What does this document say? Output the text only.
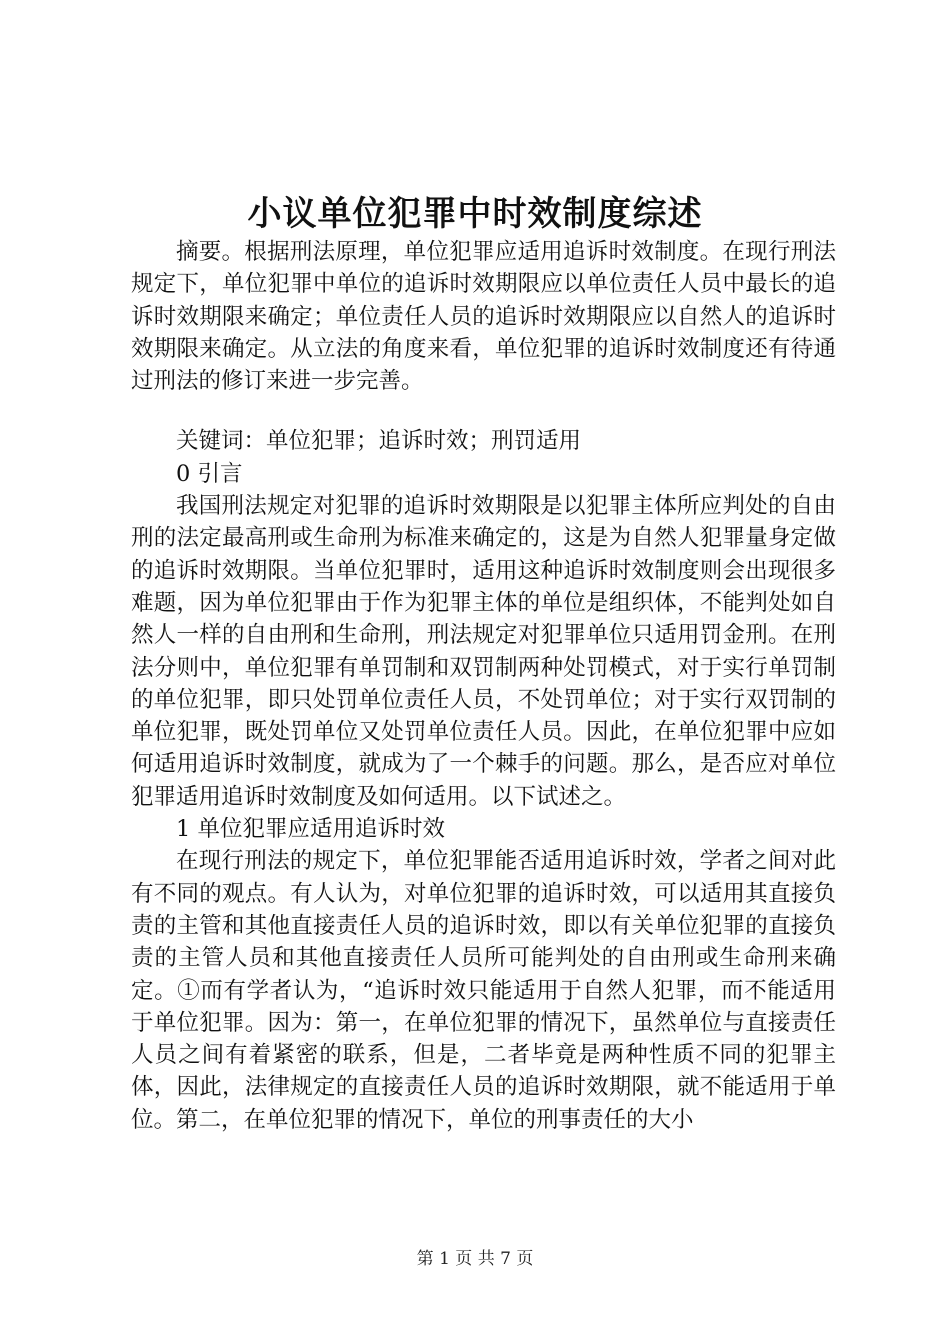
小议单位犯罪中时效制度综述

摘要。根据刑法原理，单位犯罪应适用追诉时效制度。在现行刑法规定下，单位犯罪中单位的追诉时效期限应以单位责任人员中最长的追诉时效期限来确定；单位责任人员的追诉时效期限应以自然人的追诉时效期限来确定。从立法的角度来看，单位犯罪的追诉时效制度还有待通过刑法的修订来进一步完善。

关键词：单位犯罪；追诉时效；刑罚适用

0 引言

我国刑法规定对犯罪的追诉时效期限是以犯罪主体所应判处的自由刑的法定最高刑或生命刑为标准来确定的，这是为自然人犯罪量身定做的追诉时效期限。当单位犯罪时，适用这种追诉时效制度则会出现很多难题，因为单位犯罪由于作为犯罪主体的单位是组织体，不能判处如自然人一样的自由刑和生命刑，刑法规定对犯罪单位只适用罚金刑。在刑法分则中，单位犯罪有单罚制和双罚制两种处罚模式，对于实行单罚制的单位犯罪，即只处罚单位责任人员，不处罚单位；对于实行双罚制的单位犯罪，既处罚单位又处罚单位责任人员。因此，在单位犯罪中应如何适用追诉时效制度，就成为了一个棘手的问题。那么，是否应对单位犯罪适用追诉时效制度及如何适用。以下试述之。

1 单位犯罪应适用追诉时效

在现行刑法的规定下，单位犯罪能否适用追诉时效，学者之间对此有不同的观点。有人认为，对单位犯罪的追诉时效，可以适用其直接负责的主管和其他直接责任人员的追诉时效，即以有关单位犯罪的直接负责的主管人员和其他直接责任人员所可能判处的自由刑或生命刑来确定。①而有学者认为，“追诉时效只能适用于自然人犯罪，而不能适用于单位犯罪。因为：第一，在单位犯罪的情况下，虽然单位与直接责任人员之间有着紧密的联系，但是，二者毕竟是两种性质不同的犯罪主体，因此，法律规定的直接责任人员的追诉时效期限，就不能适用于单位。第二，在单位犯罪的情况下，单位的刑事责任的大小

第 1 页 共 7 页
